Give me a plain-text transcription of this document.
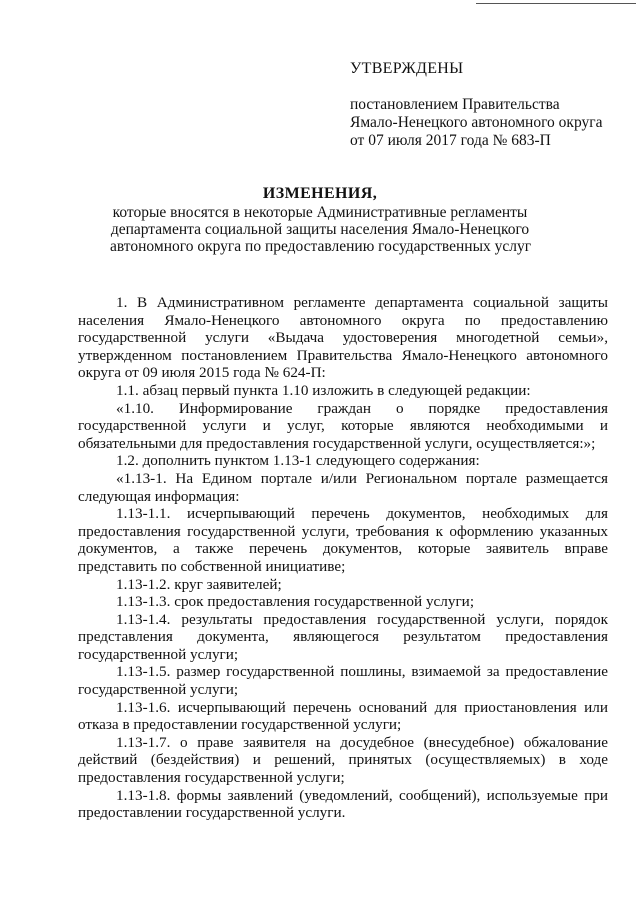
УТВЕРЖДЕНЫ
постановлением Правительства
Ямало-Ненецкого автономного округа
от 07 июля 2017 года № 683-П
ИЗМЕНЕНИЯ,
которые вносятся в некоторые Административные регламенты
департамента социальной защиты населения Ямало-Ненецкого
автономного округа по предоставлению государственных услуг

1. В Административном регламенте департамента социальной защиты населения Ямало-Ненецкого автономного округа по предоставлению государственной услуги «Выдача удостоверения многодетной семьи», утвержденном постановлением Правительства Ямало-Ненецкого автономного округа от 09 июля 2015 года № 624-П:

1.1. абзац первый пункта 1.10 изложить в следующей редакции:

«1.10. Информирование граждан о порядке предоставления государственной услуги и услуг, которые являются необходимыми и обязательными для предоставления государственной услуги, осуществляется:»;

1.2. дополнить пунктом 1.13-1 следующего содержания:

«1.13-1. На Едином портале и/или Региональном портале размещается следующая информация:

1.13-1.1. исчерпывающий перечень документов, необходимых для предоставления государственной услуги, требования к оформлению указанных документов, а также перечень документов, которые заявитель вправе представить по собственной инициативе;

1.13-1.2. круг заявителей;

1.13-1.3. срок предоставления государственной услуги;

1.13-1.4. результаты предоставления государственной услуги, порядок представления документа, являющегося результатом предоставления государственной услуги;

1.13-1.5. размер государственной пошлины, взимаемой за предоставление государственной услуги;

1.13-1.6. исчерпывающий перечень оснований для приостановления или отказа в предоставлении государственной услуги;

1.13-1.7. о праве заявителя на досудебное (внесудебное) обжалование действий (бездействия) и решений, принятых (осуществляемых) в ходе предоставления государственной услуги;

1.13-1.8. формы заявлений (уведомлений, сообщений), используемые при предоставлении государственной услуги.
